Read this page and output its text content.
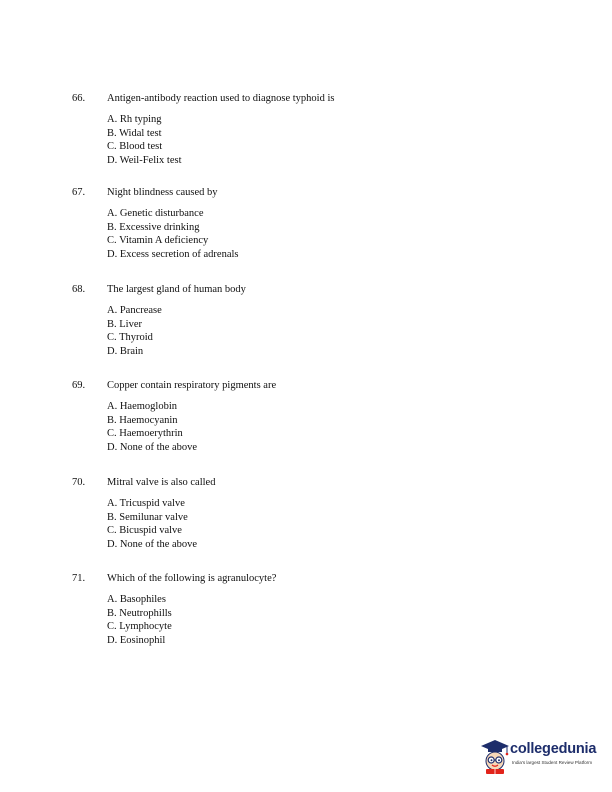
66. Antigen-antibody reaction used to diagnose typhoid is
A. Rh typing
B. Widal test
C. Blood test
D. Weil-Felix test
67. Night blindness caused by
A. Genetic disturbance
B. Excessive drinking
C. Vitamin A deficiency
D. Excess secretion of adrenals
68. The largest gland of human body
A. Pancrease
B. Liver
C. Thyroid
D. Brain
69. Copper contain respiratory pigments are
A. Haemoglobin
B. Haemocyanin
C. Haemoerythrin
D. None of the above
70. Mitral valve is also called
A. Tricuspid valve
B. Semilunar valve
C. Bicuspid valve
D. None of the above
71. Which of the following is agranulocyte?
A. Basophiles
B. Neutrophills
C. Lymphocyte
D. Eosinophil
collegedunia
India's largest Student Review Platform
